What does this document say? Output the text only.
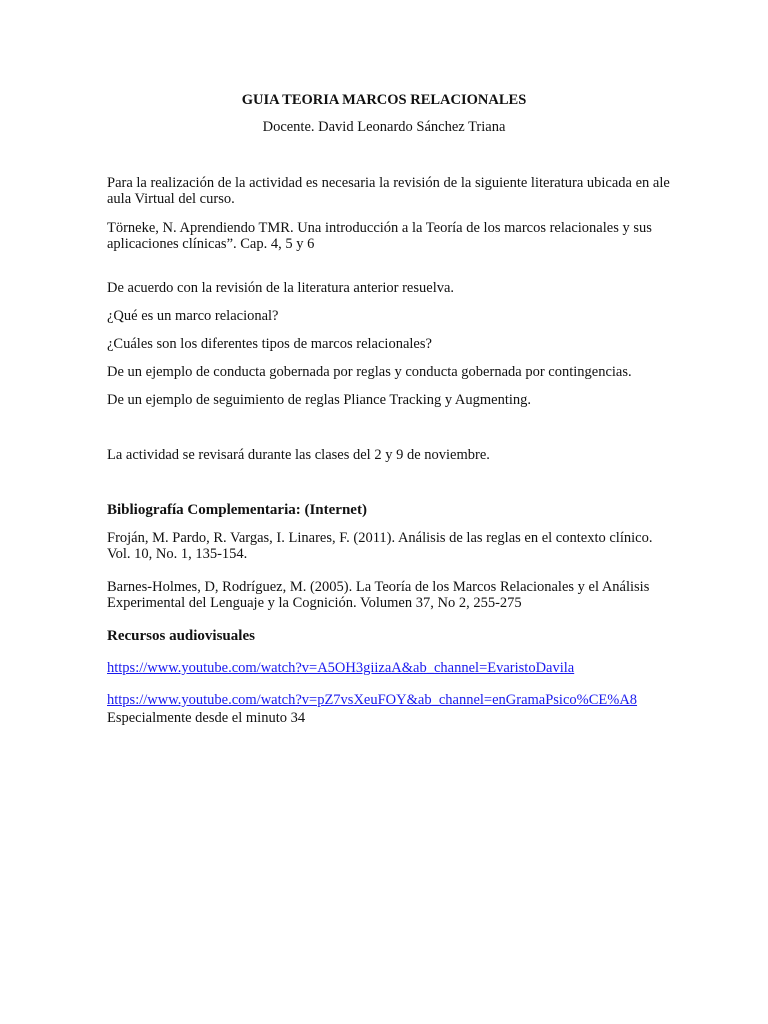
GUIA TEORIA MARCOS RELACIONALES
Docente. David Leonardo Sánchez Triana
Para la realización de la actividad es necesaria la revisión de la siguiente literatura ubicada en ale aula Virtual del curso.
Törneke, N. Aprendiendo TMR. Una introducción a la Teoría de los marcos relacionales y sus aplicaciones clínicas”. Cap. 4, 5 y 6
De acuerdo con la revisión de la literatura anterior resuelva.
¿Qué es un marco relacional?
¿Cuáles son los diferentes tipos de marcos relacionales?
De un ejemplo de conducta gobernada por reglas y conducta gobernada por contingencias.
De un ejemplo de seguimiento de reglas Pliance Tracking y Augmenting.
La actividad se revisará durante las clases del 2 y 9 de noviembre.
Bibliografía Complementaria: (Internet)
Froján, M. Pardo, R. Vargas, I. Linares, F. (2011). Análisis de las reglas en el contexto clínico. Vol. 10, No. 1, 135-154.
Barnes-Holmes, D, Rodríguez, M. (2005). La Teoría de los Marcos Relacionales y el Análisis Experimental del Lenguaje y la Cognición. Volumen 37, No 2, 255-275
Recursos audiovisuales
https://www.youtube.com/watch?v=A5OH3giizaA&ab_channel=EvaristoDavila
https://www.youtube.com/watch?v=pZ7vsXeuFOY&ab_channel=enGramaPsico%CE%A8
Especialmente desde el minuto 34
